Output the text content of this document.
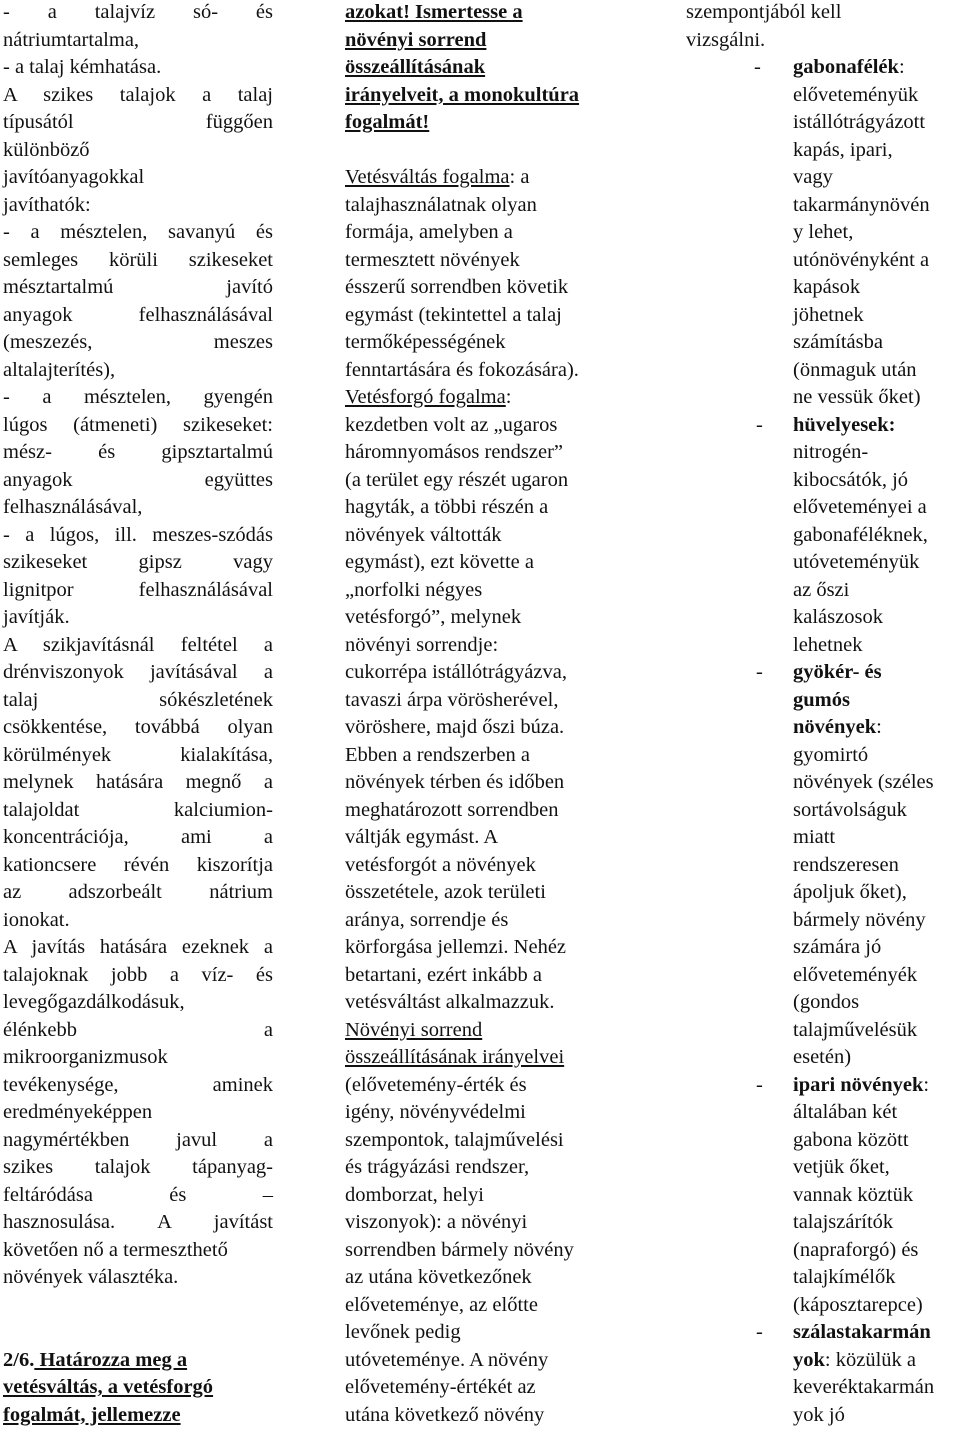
- a talajvíz só- és

nátriumtartalma,

- a talaj kémhatása.

A szikes talajok a talaj

típusától függően

különböző

javítóanyagokkal

javíthatók:

- a mésztelen, savanyú és

semleges körüli szikeseket

mésztartalmú javító

anyagok felhasználásával

(meszezés, meszes

altalajterítés),

- a mésztelen, gyengén

lúgos (átmeneti) szikeseket:

mész- és gipsztartalmú

anyagok együttes

felhasználásával,

- a lúgos, ill. meszes-szódás

szikeseket gipsz vagy

lignitpor felhasználásával

javítják.

A szikjavításnál feltétel a

drénviszonyok javításával a

talaj sókészletének

csökkentése, továbbá olyan

körülmények kialakítása,

melynek hatására megnő a

talajoldat kalciumion-

koncentrációja, ami a

kationcsere révén kiszorítja

az adszorbeált nátrium

ionokat.

A javítás hatására ezeknek a

talajoknak jobb a víz- és

levegőgazdálkodásuk,

élénkebb a

mikroorganizmusok

tevékenysége, aminek

eredményeképpen

nagymértékben javul a

szikes talajok tápanyag-

feltáródása és –

hasznosulása. A javítást

követően nő a termeszthető

növények választéka.

2/6. Határozza meg a

vetésváltás, a vetésforgó

fogalmát, jellemezze

azokat! Ismertesse a

növényi sorrend

összeállításának

irányelveit, a monokultúra

fogalmát!

Vetésváltás fogalma: a

talajhasználatnak olyan

formája, amelyben a

termesztett növények

ésszerű sorrendben követik

egymást (tekintettel a talaj

termőképességének

fenntartására és fokozására).

Vetésforgó fogalma:

kezdetben volt az „ugaros

háromnyomásos rendszer”

(a terület egy részét ugaron

hagyták, a többi részén a

növények váltották

egymást), ezt követte a

„norfolki négyes

vetésforgó”, melynek

növényi sorrendje:

cukorrépa istállótrágyázva,

tavaszi árpa vörösherével,

vöröshere, majd őszi búza.

Ebben a rendszerben a

növények térben és időben

meghatározott sorrendben

váltják egymást. A

vetésforgót a növények

összetétele, azok területi

aránya, sorrendje és

körforgása jellemzi. Nehéz

betartani, ezért inkább a

vetésváltást alkalmazzuk.

Növényi sorrend

összeállításának irányelvei

(elővetemény-érték és

igény, növényvédelmi

szempontok, talajművelési

és trágyázási rendszer,

domborzat, helyi

viszonyok): a növényi

sorrendben bármely növény

az utána következőnek

előveteménye, az előtte

levőnek pedig

utóveteménye. A növény

elővetemény-értékét az

utána következő növény

szempontjából kell

vizsgálni.

- gabonafélék:

előveteményük

istállótrágyázott

kapás, ipari,

vagy

takarmánynövén

y lehet,

utónövényként a

kapások

jöhetnek

számításba

(önmaguk után

ne vessük őket)

- hüvelyesek:

nitrogén-

kibocsátók, jó

előveteményei a

gabonaféléknek,

utóveteményük

az őszi

kalászosok

lehetnek

- gyökér- és

gumós

növények:

gyomirtó

növények (széles

sortávolságuk

miatt

rendszeresen

ápoljuk őket),

bármely növény

számára jó

előveteményék

(gondos

talajművelésük

esetén)

- ipari növények:

általában két

gabona között

vetjük őket,

vannak köztük

talajszárítók

(napraforgó) és

talajkímélők

(káposztarepce)

- szálastakarmán

yok: közülük a

keveréktakarmán

yok jó
